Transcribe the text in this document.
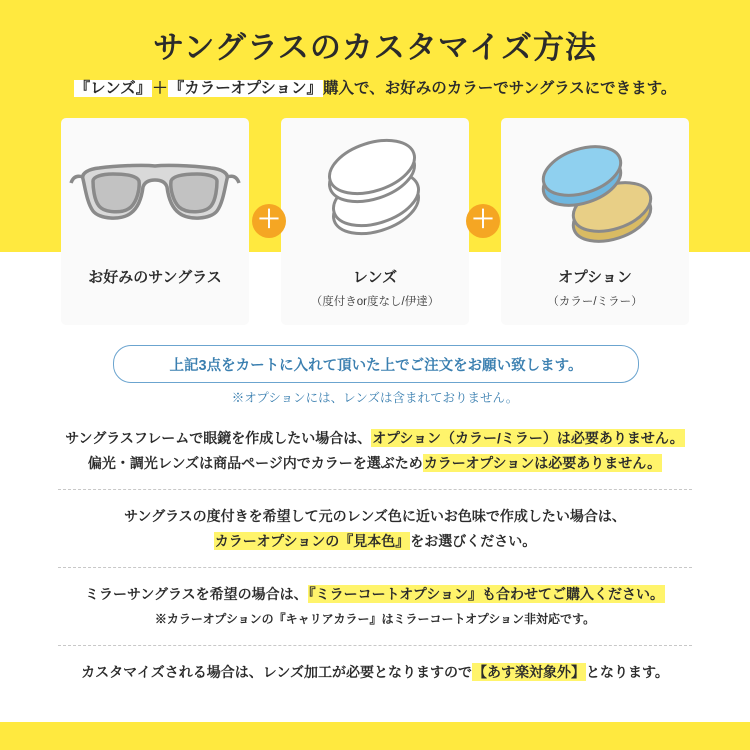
サングラスのカスタマイズ方法
『レンズ』＋『カラーオプション』購入で、お好みのカラーでサングラスにできます。
お好みのサングラス	レンズ
（度付きor度なし/伊達）
オプション
（カラー/ミラー）
＋	＋
上記3点をカートに入れて頂いた上でご注文をお願い致します。
※オプションには、レンズは含まれておりません。
サングラスフレームで眼鏡を作成したい場合は、オプション（カラー/ミラー）は必要ありません。
偏光・調光レンズは商品ページ内でカラーを選ぶためカラーオプションは必要ありません。
サングラスの度付きを希望して元のレンズ色に近いお色味で作成したい場合は、
カラーオプションの『見本色』をお選びください。
ミラーサングラスを希望の場合は、『ミラーコートオプション』も合わせてご購入ください。
※カラーオプションの『キャリアカラー』はミラーコートオプション非対応です。
カスタマイズされる場合は、レンズ加工が必要となりますので【あす楽対象外】となります。
